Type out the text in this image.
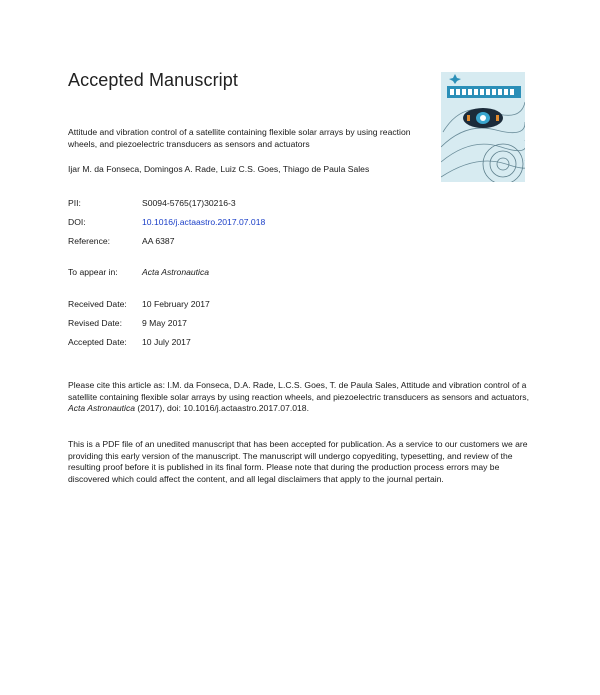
Accepted Manuscript
Attitude and vibration control of a satellite containing flexible solar arrays by using reaction wheels, and piezoelectric transducers as sensors and actuators
Ijar M. da Fonseca, Domingos A. Rade, Luiz C.S. Goes, Thiago de Paula Sales
PII:	S0094-5765(17)30216-3
DOI:	10.1016/j.actaastro.2017.07.018
Reference:	AA 6387
To appear in:	Acta Astronautica
Received Date:	10 February 2017
Revised Date:	9 May 2017
Accepted Date:	10 July 2017
Please cite this article as: I.M. da Fonseca, D.A. Rade, L.C.S. Goes, T. de Paula Sales, Attitude and vibration control of a satellite containing flexible solar arrays by using reaction wheels, and piezoelectric transducers as sensors and actuators, Acta Astronautica (2017), doi: 10.1016/j.actaastro.2017.07.018.
This is a PDF file of an unedited manuscript that has been accepted for publication. As a service to our customers we are providing this early version of the manuscript. The manuscript will undergo copyediting, typesetting, and review of the resulting proof before it is published in its final form. Please note that during the production process errors may be discovered which could affect the content, and all legal disclaimers that apply to the journal pertain.
